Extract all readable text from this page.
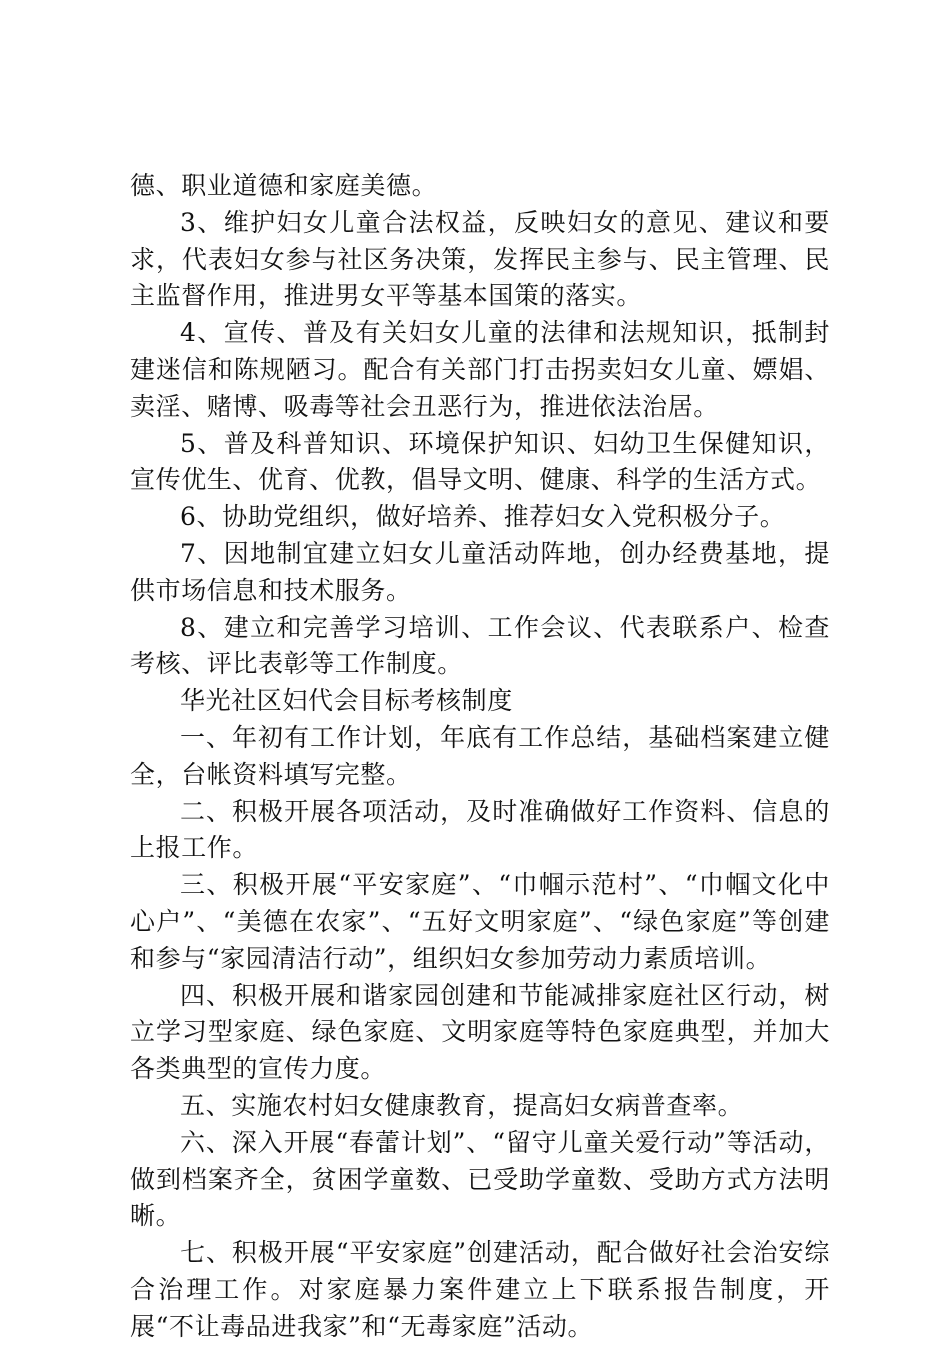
德、职业道德和家庭美德。

3、维护妇女儿童合法权益，反映妇女的意见、建议和要求，代表妇女参与社区务决策，发挥民主参与、民主管理、民主监督作用，推进男女平等基本国策的落实。

4、宣传、普及有关妇女儿童的法律和法规知识，抵制封建迷信和陈规陋习。配合有关部门打击拐卖妇女儿童、嫖娼、卖淫、赌博、吸毒等社会丑恶行为，推进依法治居。

5、普及科普知识、环境保护知识、妇幼卫生保健知识，宣传优生、优育、优教，倡导文明、健康、科学的生活方式。

6、协助党组织，做好培养、推荐妇女入党积极分子。

7、因地制宜建立妇女儿童活动阵地，创办经费基地，提供市场信息和技术服务。

8、建立和完善学习培训、工作会议、代表联系户、检查考核、评比表彰等工作制度。

华光社区妇代会目标考核制度

一、年初有工作计划，年底有工作总结，基础档案建立健全，台帐资料填写完整。

二、积极开展各项活动，及时准确做好工作资料、信息的上报工作。

三、积极开展“平安家庭”、“巾帼示范村”、“巾帼文化中心户”、“美德在农家”、“五好文明家庭”、“绿色家庭”等创建和参与“家园清洁行动”，组织妇女参加劳动力素质培训。

四、积极开展和谐家园创建和节能减排家庭社区行动，树立学习型家庭、绿色家庭、文明家庭等特色家庭典型，并加大各类典型的宣传力度。

五、实施农村妇女健康教育，提高妇女病普查率。

六、深入开展“春蕾计划”、“留守儿童关爱行动”等活动，做到档案齐全，贫困学童数、已受助学童数、受助方式方法明晰。

七、积极开展“平安家庭”创建活动，配合做好社会治安综合治理工作。对家庭暴力案件建立上下联系报告制度，开展“不让毒品进我家”和“无毒家庭”活动。
